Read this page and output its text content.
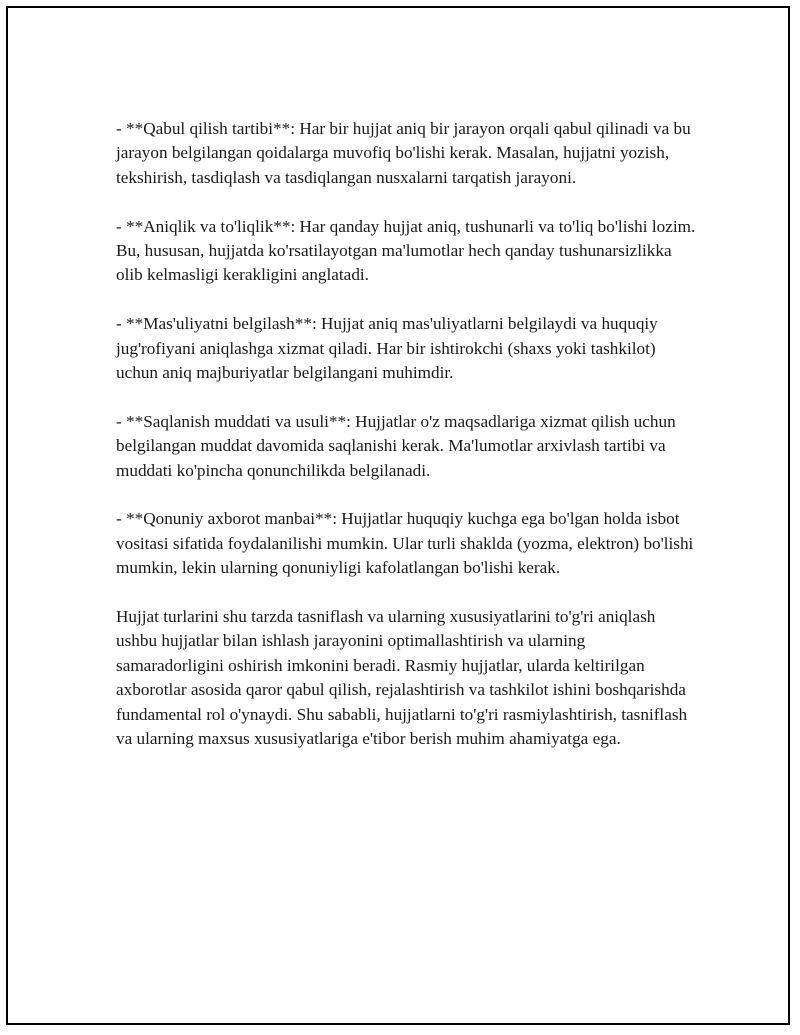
- **Qabul qilish tartibi**: Har bir hujjat aniq bir jarayon orqali qabul qilinadi va bu jarayon belgilangan qoidalarga muvofiq bo'lishi kerak. Masalan, hujjatni yozish, tekshirish, tasdiqlash va tasdiqlangan nusxalarni tarqatish jarayoni.

- **Aniqlik va to'liqlik**: Har qanday hujjat aniq, tushunarli va to'liq bo'lishi lozim. Bu, hususan, hujjatda ko'rsatilayotgan ma'lumotlar hech qanday tushunarsizlikka olib kelmasligi kerakligini anglatadi.

- **Mas'uliyatni belgilash**: Hujjat aniq mas'uliyatlarni belgilaydi va huquqiy jug'rofiyani aniqlashga xizmat qiladi. Har bir ishtirokchi (shaxs yoki tashkilot) uchun aniq majburiyatlar belgilangani muhimdir.

- **Saqlanish muddati va usuli**: Hujjatlar o'z maqsadlariga xizmat qilish uchun belgilangan muddat davomida saqlanishi kerak. Ma'lumotlar arxivlash tartibi va muddati ko'pincha qonunchilikda belgilanadi.

- **Qonuniy axborot manbai**: Hujjatlar huquqiy kuchga ega bo'lgan holda isbot vositasi sifatida foydalanilishi mumkin. Ular turli shaklda (yozma, elektron) bo'lishi mumkin, lekin ularning qonuniyligi kafolatlangan bo'lishi kerak.

Hujjat turlarini shu tarzda tasniflash va ularning xususiyatlarini to'g'ri aniqlash ushbu hujjatlar bilan ishlash jarayonini optimallashtirish va ularning samaradorligini oshirish imkonini beradi. Rasmiy hujjatlar, ularda keltirilgan axborotlar asosida qaror qabul qilish, rejalashtirish va tashkilot ishini boshqarishda fundamental rol o'ynaydi. Shu sababli, hujjatlarni to'g'ri rasmiylashtirish, tasniflash va ularning maxsus xususiyatlariga e'tibor berish muhim ahamiyatga ega.
